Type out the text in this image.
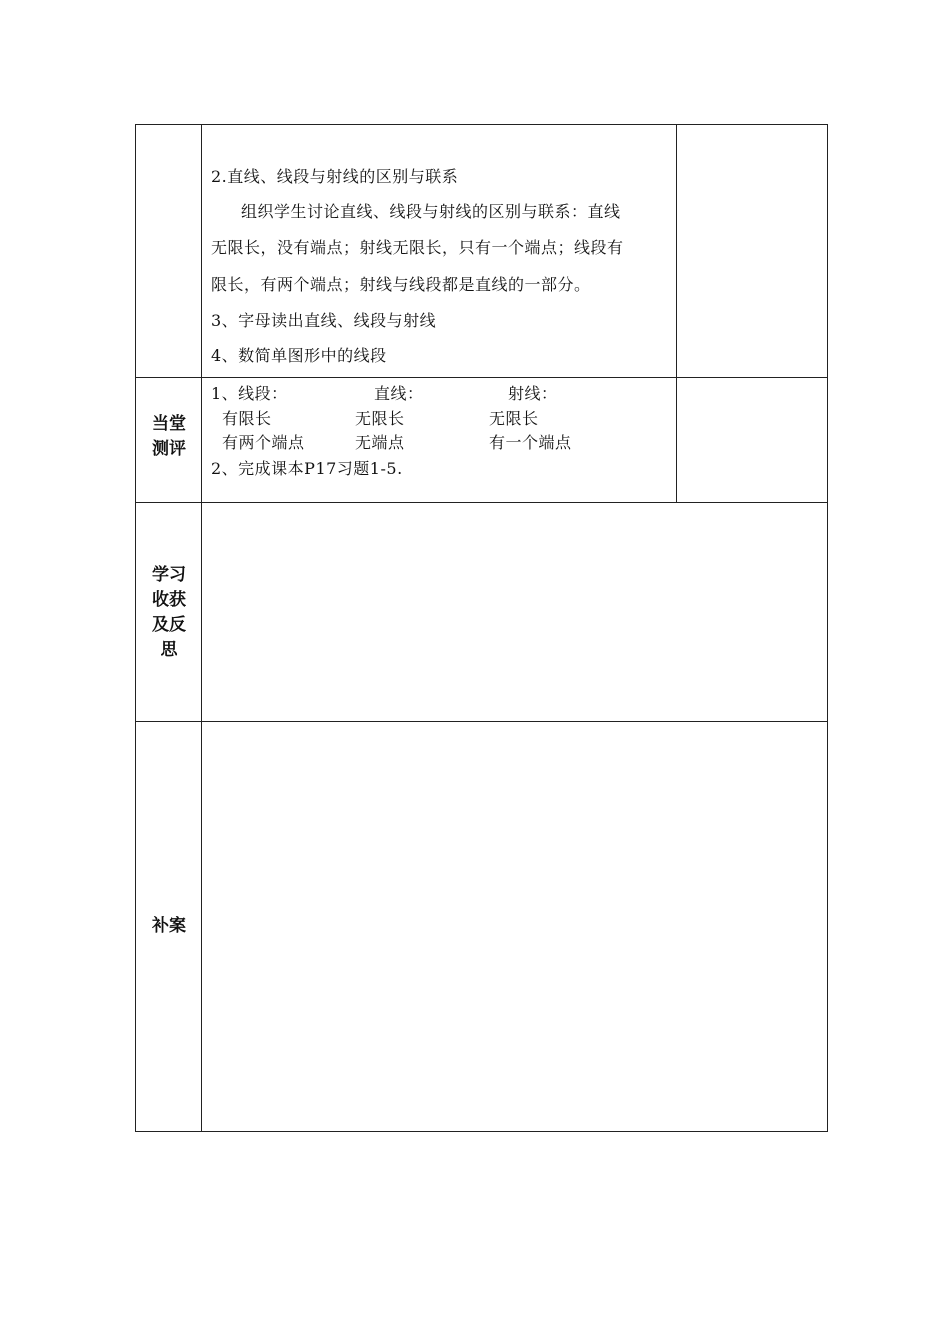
2.直线、线段与射线的区别与联系
组织学生讨论直线、线段与射线的区别与联系：直线
无限长，没有端点；射线无限长，只有一个端点；线段有
限长，有两个端点；射线与线段都是直线的一部分。
3、字母读出直线、线段与射线
4、数简单图形中的线段
当堂
测评
1、线段：	直线：	射线：
有限长	无限长	无限长
有两个端点	无端点	有一个端点
2、完成课本P17习题1-5.
学习
收获
及反
思
补案
